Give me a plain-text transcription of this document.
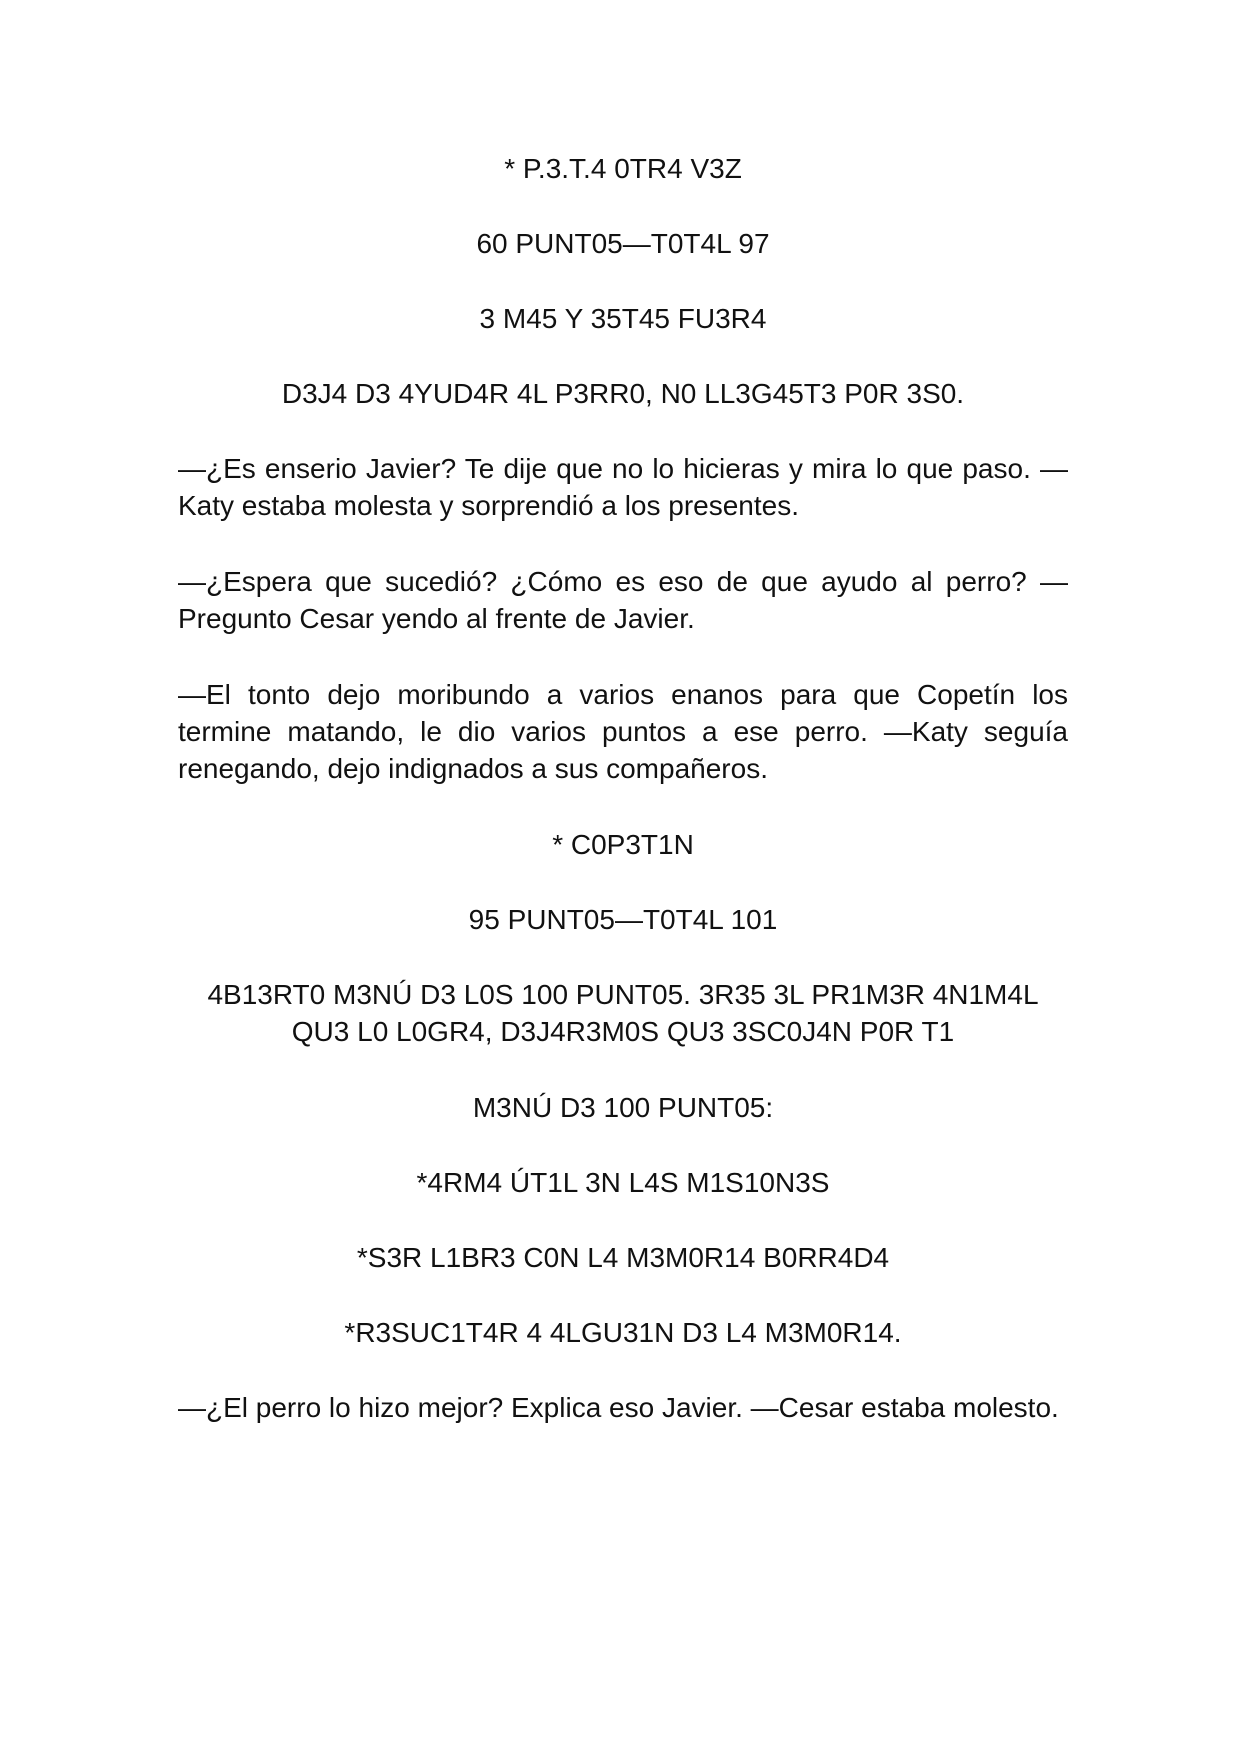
* P.3.T.4 0TR4 V3Z

60 PUNT05—T0T4L 97

3 M45 Y 35T45 FU3R4

D3J4 D3 4YUD4R 4L P3RR0, N0 LL3G45T3 P0R 3S0.

—¿Es enserio Javier? Te dije que no lo hicieras y mira lo que paso. —Katy estaba molesta y sorprendió a los presentes.

—¿Espera que sucedió? ¿Cómo es eso de que ayudo al perro? —Pregunto Cesar yendo al frente de Javier.

—El tonto dejo moribundo a varios enanos para que Copetín los termine matando, le dio varios puntos a ese perro. —Katy seguía renegando, dejo indignados a sus compañeros.

* C0P3T1N

95 PUNT05—T0T4L 101

4B13RT0 M3NÚ D3 L0S 100 PUNT05. 3R35 3L PR1M3R 4N1M4L QU3 L0 L0GR4, D3J4R3M0S QU3 3SC0J4N P0R T1

M3NÚ D3 100 PUNT05:

*4RM4 ÚT1L 3N L4S M1S10N3S

*S3R L1BR3 C0N L4 M3M0R14 B0RR4D4

*R3SUC1T4R 4 4LGU31N D3 L4 M3M0R14.

—¿El perro lo hizo mejor? Explica eso Javier. —Cesar estaba molesto.
